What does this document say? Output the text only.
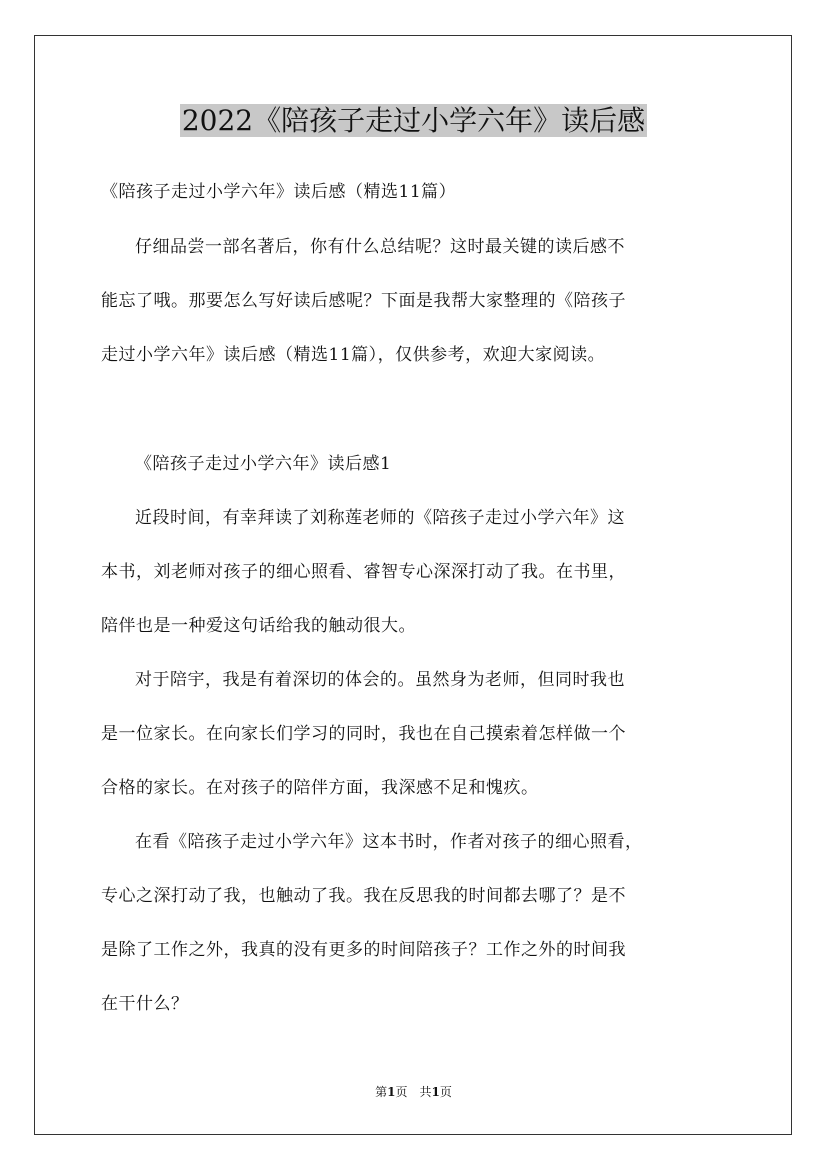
2022《陪孩子走过小学六年》读后感

《陪孩子走过小学六年》读后感（精选11篇）

仔细品尝一部名著后，你有什么总结呢？这时最关键的读后感不

能忘了哦。那要怎么写好读后感呢？下面是我帮大家整理的《陪孩子

走过小学六年》读后感（精选11篇），仅供参考，欢迎大家阅读。

《陪孩子走过小学六年》读后感1

近段时间，有幸拜读了刘称莲老师的《陪孩子走过小学六年》这

本书，刘老师对孩子的细心照看、睿智专心深深打动了我。在书里，

陪伴也是一种爱这句话给我的触动很大。

对于陪宇，我是有着深切的体会的。虽然身为老师，但同时我也

是一位家长。在向家长们学习的同时，我也在自己摸索着怎样做一个

合格的家长。在对孩子的陪伴方面，我深感不足和愧疚。

在看《陪孩子走过小学六年》这本书时，作者对孩子的细心照看，

专心之深打动了我，也触动了我。我在反思我的时间都去哪了？是不

是除了工作之外，我真的没有更多的时间陪孩子？工作之外的时间我

在干什么？

第1页　共1页
